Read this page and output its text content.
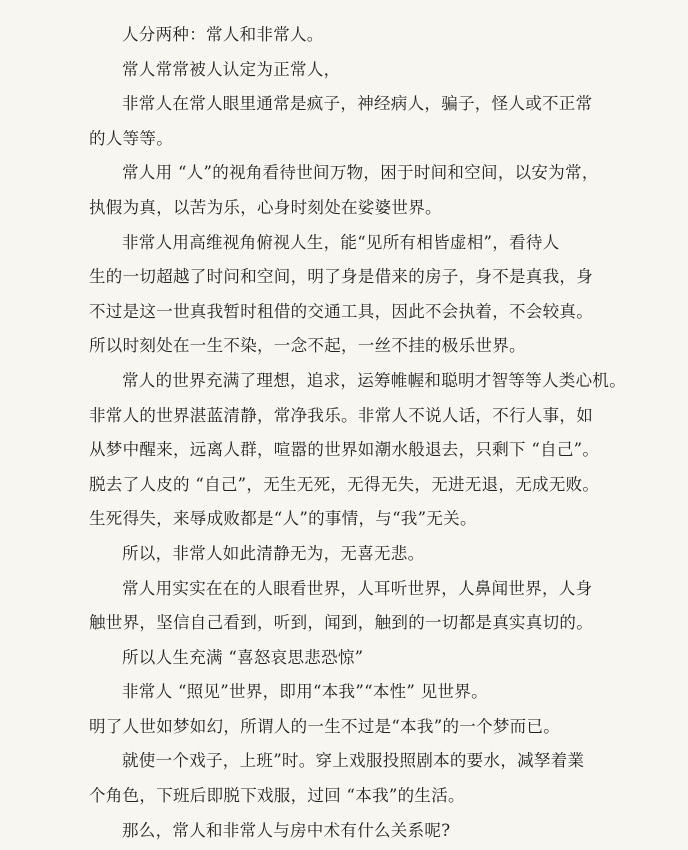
人分两种：常人和非常人。

常人常常被人认定为正常人，

非常人在常人眼里通常是疯子，神经病人，骗子，怪人或不正常
的人等等。

常人用 “人”的视角看待世间万物，困于时间和空间，以安为常，
执假为真，以苦为乐，心身时刻处在娑婆世界。

非常人用高维视角俯视人生，能“见所有相皆虚相”，看待人
生的一切超越了时问和空间，明了身是借来的房子，身不是真我，身
不过是这一世真我暂时租借的交通工具，因此不会执着，不会较真。
所以时刻处在一生不染，一念不起，一丝不挂的极乐世界。

常人的世界充满了理想，追求，运筹帷幄和聪明才智等等人类心机。
非常人的世界湛蓝清静，常净我乐。非常人不说人话，不行人事，如
从梦中醒来，远离人群，喧嚣的世界如潮水般退去，只剩下 “自己”。
脱去了人皮的 “自己”，无生无死，无得无失，无进无退，无成无败。
生死得失，来辱成败都是“人”的事情，与“我”无关。

所以，非常人如此清静无为，无喜无悲。

常人用实实在在的人眼看世界，人耳听世界，人鼻闻世界，人身
触世界，坚信自己看到，听到，闻到，触到的一切都是真实真切的。

所以人生充满 “喜怒哀思悲恐惊”

非常人 “照见”世界，即用“本我”“本性” 见世界。
明了人世如梦如幻，所谓人的一生不过是“本我”的一个梦而已。

就使一个戏子，上班”时。穿上戏服投照剧本的要水，减孥着業
个角色，下班后即脱下戏服，过回 “本我”的生活。

那么，常人和非常人与房中术有什么关系呢?
